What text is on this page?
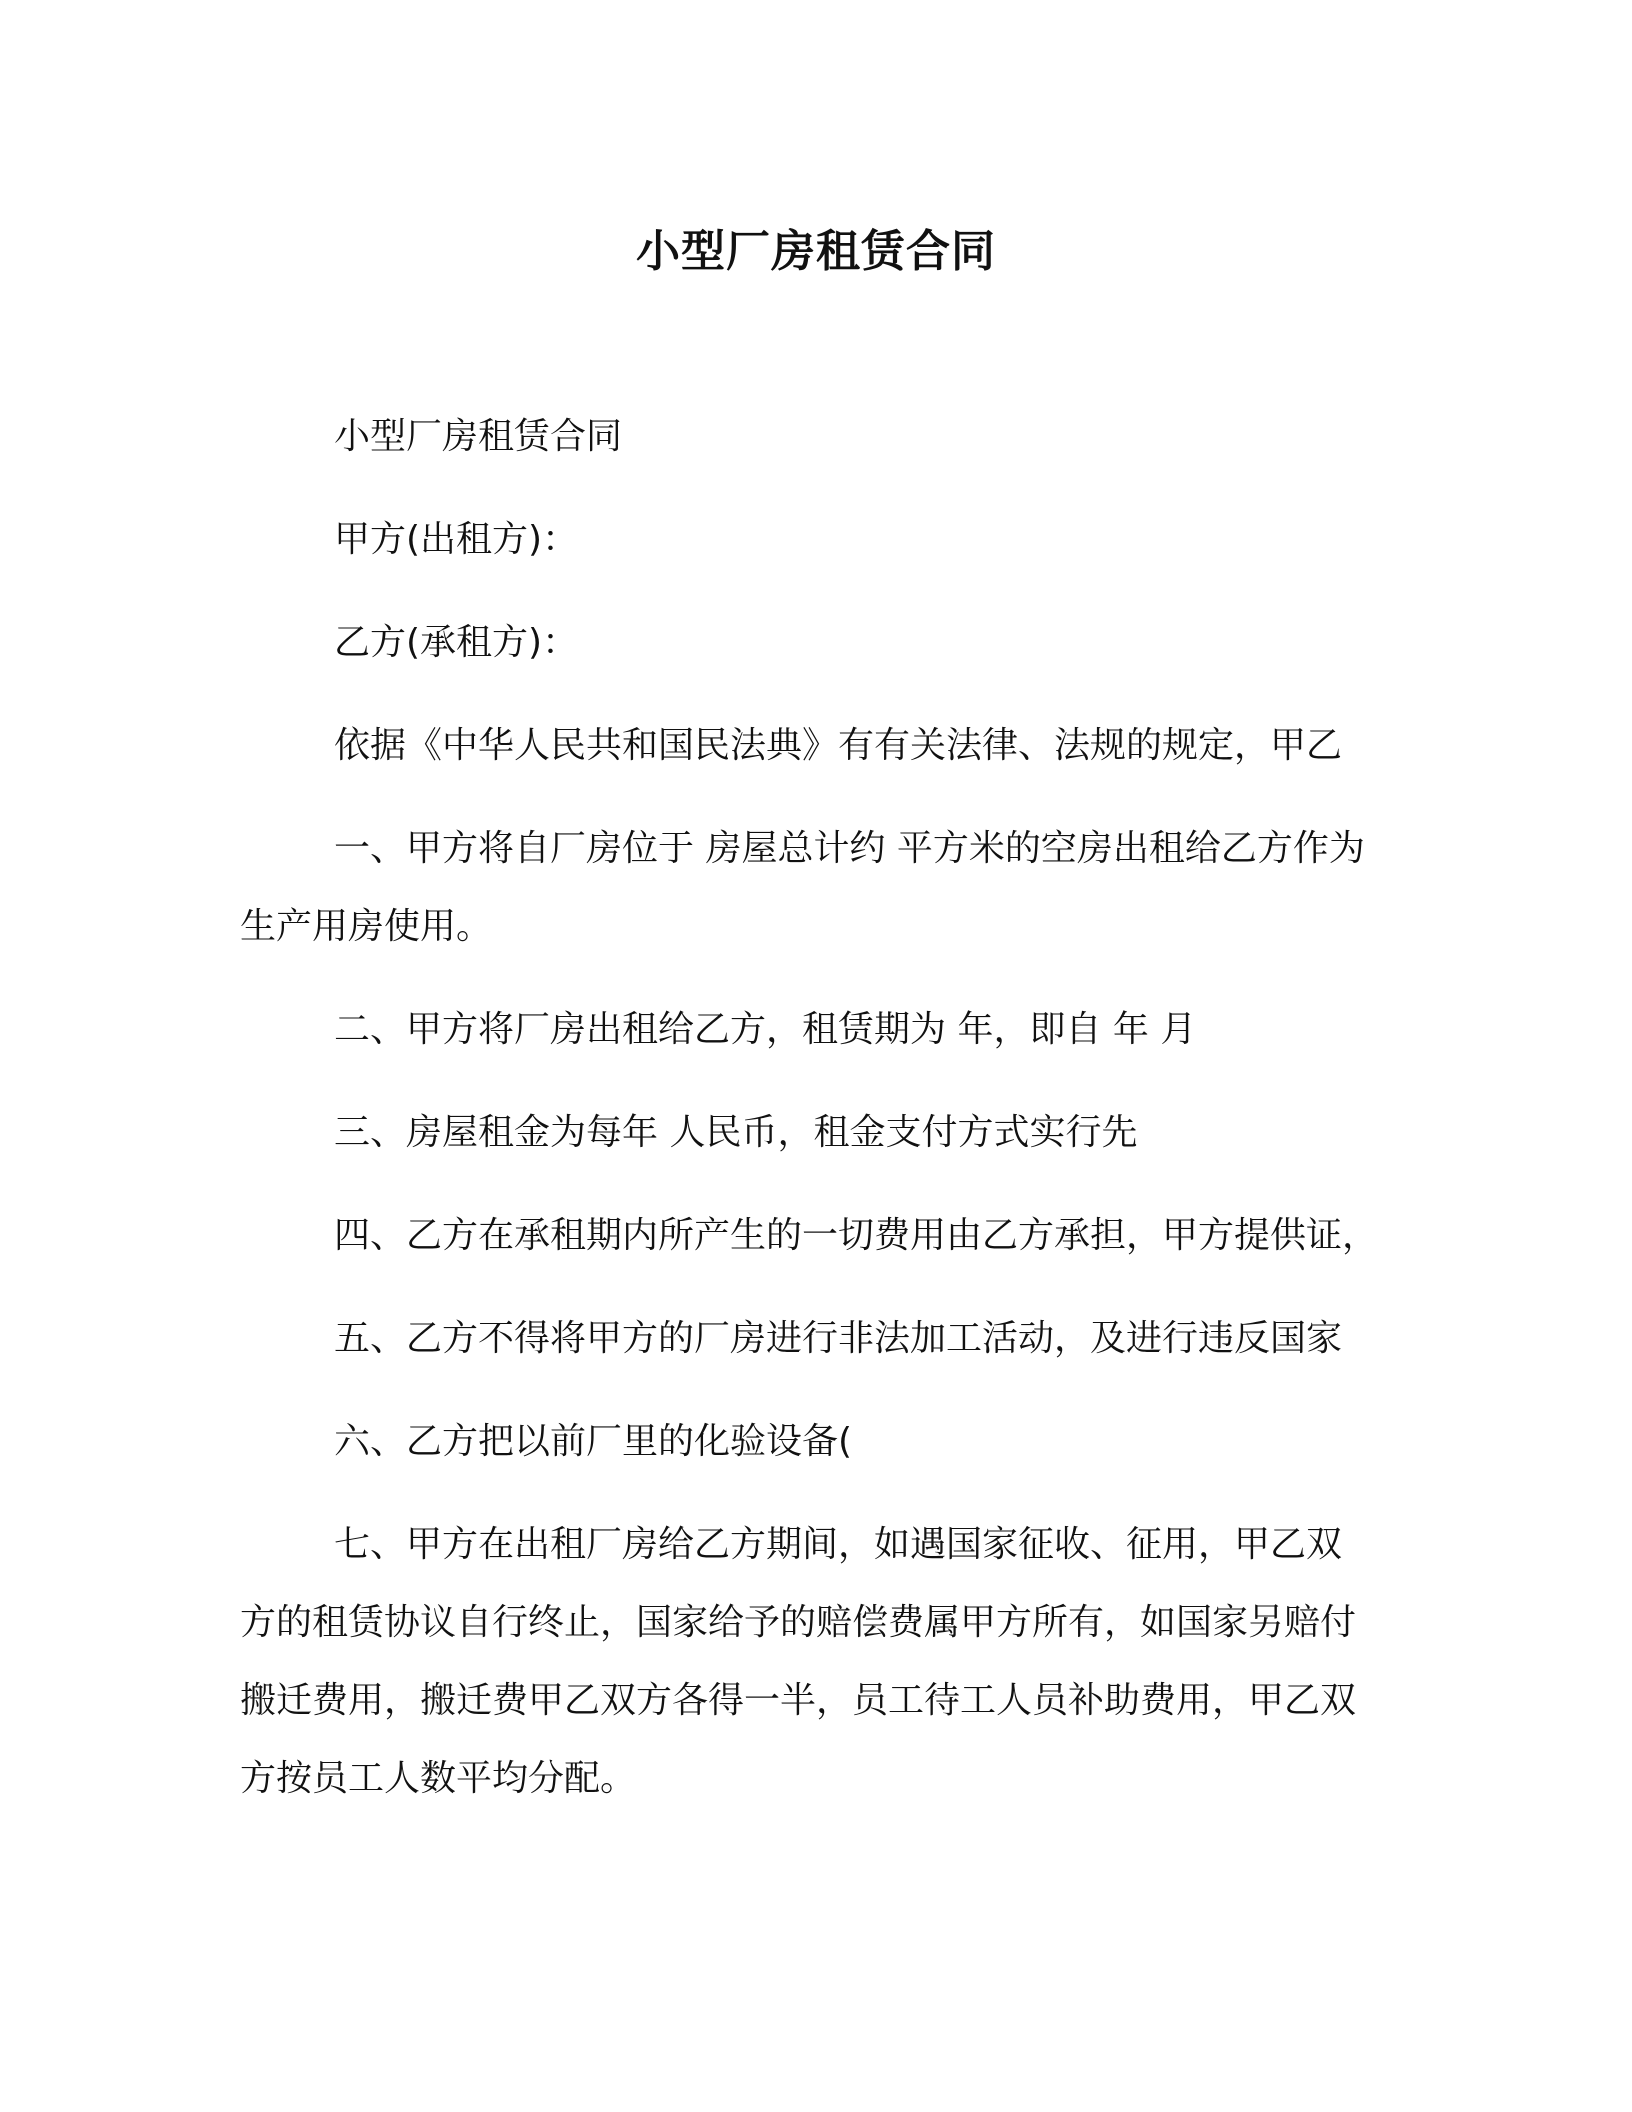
小型厂房租赁合同

小型厂房租赁合同

甲方(出租方)：

乙方(承租方)：

依据《中华人民共和国民法典》有有关法律、法规的规定，甲乙

一、甲方将自厂房位于 房屋总计约 平方米的空房出租给乙方作为生产用房使用。

二、甲方将厂房出租给乙方，租赁期为 年，即自 年 月

三、房屋租金为每年 人民币，租金支付方式实行先

四、乙方在承租期内所产生的一切费用由乙方承担，甲方提供证，

五、乙方不得将甲方的厂房进行非法加工活动，及进行违反国家

六、乙方把以前厂里的化验设备(

七、甲方在出租厂房给乙方期间，如遇国家征收、征用，甲乙双方的租赁协议自行终止，国家给予的赔偿费属甲方所有，如国家另赔付搬迁费用，搬迁费甲乙双方各得一半，员工待工人员补助费用，甲乙双方按员工人数平均分配。
